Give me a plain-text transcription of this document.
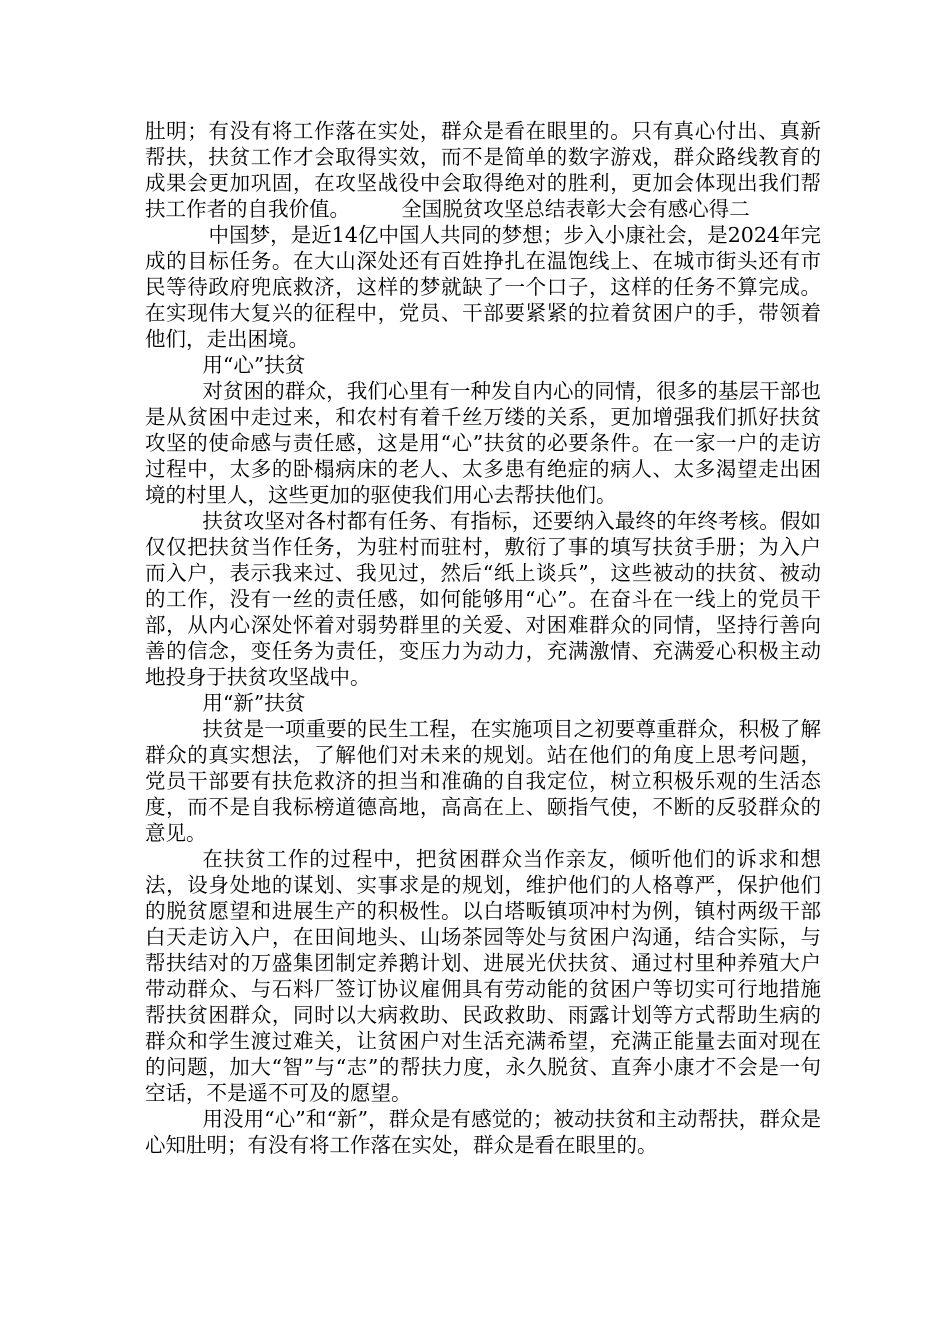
肚明；有没有将工作落在实处，群众是看在眼里的。只有真心付出、真新帮扶，扶贫工作才会取得实效，而不是简单的数字游戏，群众路线教育的成果会更加巩固，在攻坚战役中会取得绝对的胜利，更加会体现出我们帮扶工作者的自我价值。	全国脱贫攻坚总结表彰大会有感心得二

中国梦，是近14亿中国人共同的梦想；步入小康社会，是2024年完成的目标任务。在大山深处还有百姓挣扎在温饱线上、在城市街头还有市民等待政府兜底救济，这样的梦就缺了一个口子，这样的任务不算完成。在实现伟大复兴的征程中，党员、干部要紧紧的拉着贫困户的手，带领着他们，走出困境。

用“心”扶贫

对贫困的群众，我们心里有一种发自内心的同情，很多的基层干部也是从贫困中走过来，和农村有着千丝万缕的关系，更加增强我们抓好扶贫攻坚的使命感与责任感，这是用“心”扶贫的必要条件。在一家一户的走访过程中，太多的卧榻病床的老人、太多患有绝症的病人、太多渴望走出困境的村里人，这些更加的驱使我们用心去帮扶他们。

扶贫攻坚对各村都有任务、有指标，还要纳入最终的年终考核。假如仅仅把扶贫当作任务，为驻村而驻村，敷衍了事的填写扶贫手册；为入户而入户，表示我来过、我见过，然后“纸上谈兵”，这些被动的扶贫、被动的工作，没有一丝的责任感，如何能够用“心”。在奋斗在一线上的党员干部，从内心深处怀着对弱势群里的关爱、对困难群众的同情，坚持行善向善的信念，变任务为责任，变压力为动力，充满激情、充满爱心积极主动地投身于扶贫攻坚战中。

用“新”扶贫

扶贫是一项重要的民生工程，在实施项目之初要尊重群众，积极了解群众的真实想法，了解他们对未来的规划。站在他们的角度上思考问题，党员干部要有扶危救济的担当和准确的自我定位，树立积极乐观的生活态度，而不是自我标榜道德高地，高高在上、颐指气使，不断的反驳群众的意见。

在扶贫工作的过程中，把贫困群众当作亲友，倾听他们的诉求和想法，设身处地的谋划、实事求是的规划，维护他们的人格尊严，保护他们的脱贫愿望和进展生产的积极性。以白塔畈镇项冲村为例，镇村两级干部白天走访入户，在田间地头、山场茶园等处与贫困户沟通，结合实际，与帮扶结对的万盛集团制定养鹅计划、进展光伏扶贫、通过村里种养殖大户带动群众、与石料厂签订协议雇佣具有劳动能的贫困户等切实可行地措施帮扶贫困群众，同时以大病救助、民政救助、雨露计划等方式帮助生病的群众和学生渡过难关，让贫困户对生活充满希望，充满正能量去面对现在的问题，加大“智”与“志”的帮扶力度，永久脱贫、直奔小康才不会是一句空话，不是遥不可及的愿望。

用没用“心”和“新”，群众是有感觉的；被动扶贫和主动帮扶，群众是心知肚明；有没有将工作落在实处，群众是看在眼里的。
